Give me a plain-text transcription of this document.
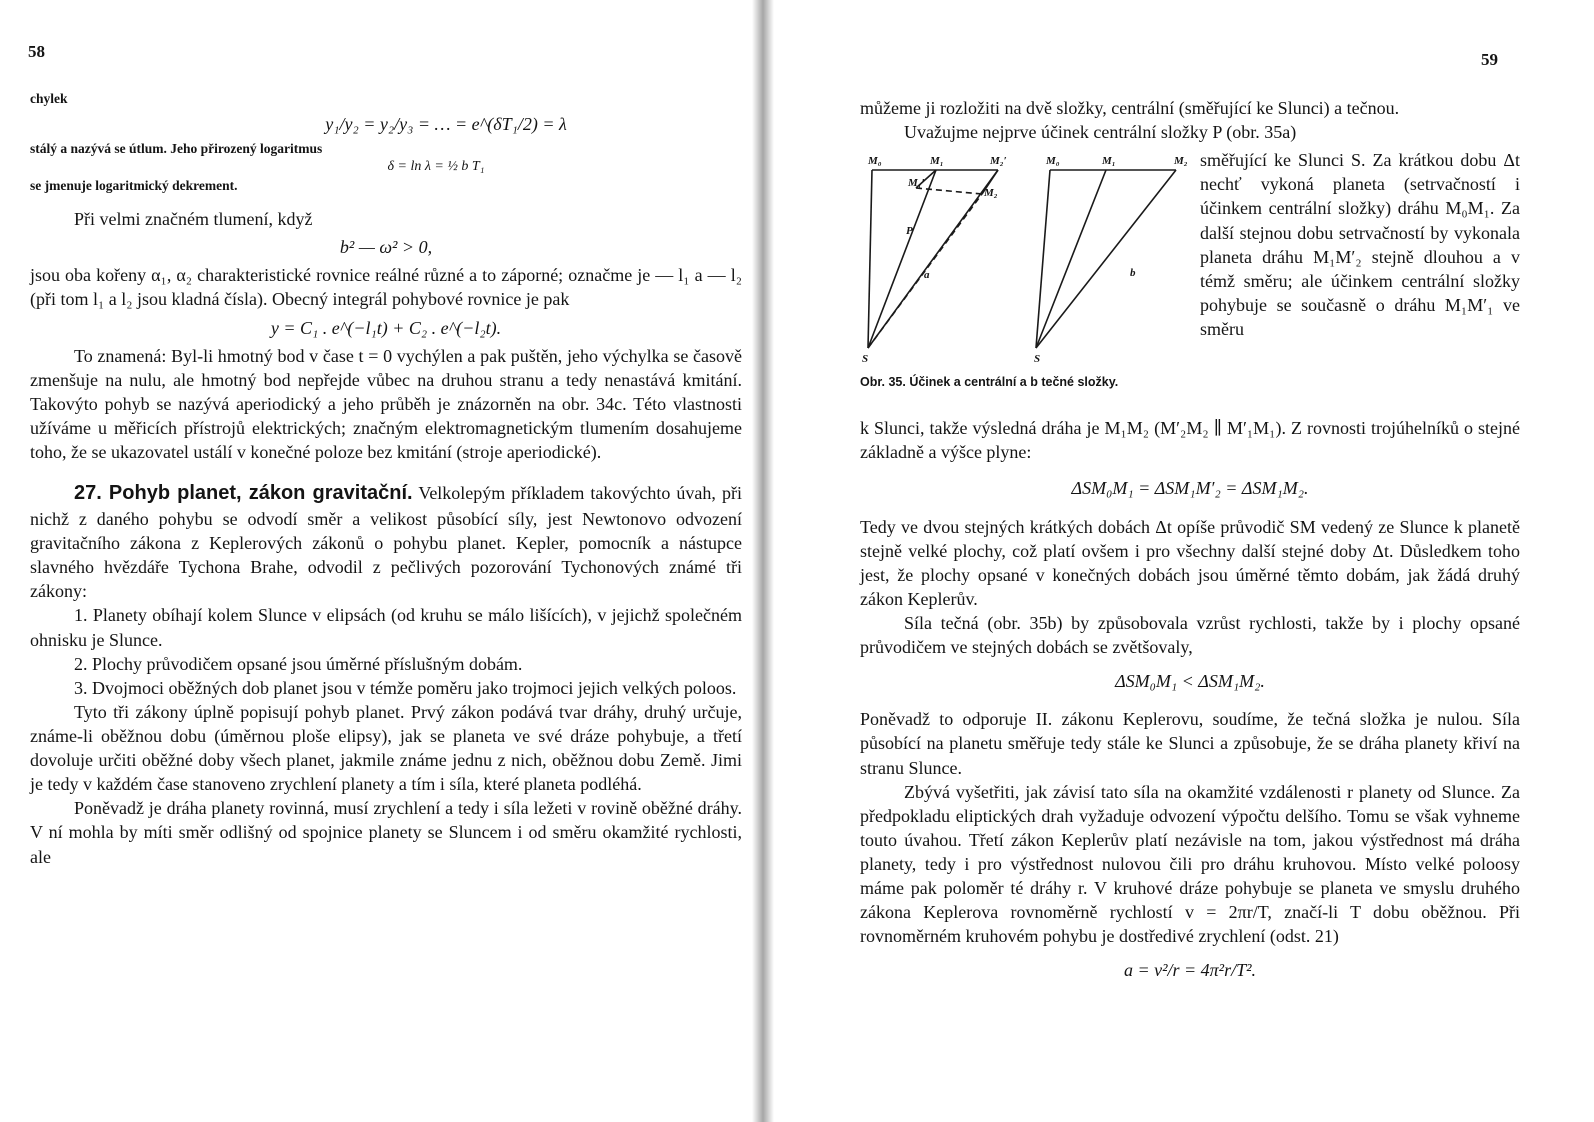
58

chylek

y₁/y₂ = y₂/y₃ = … = e^(δT₁/2) = λ

stálý a nazývá se útlum. Jeho přirozený logaritmus

δ = ln λ = ½ b T₁

se jmenuje logaritmický dekrement.

Při velmi značném tlumení, když

b² — ω² > 0,

jsou oba kořeny α₁, α₂ charakteristické rovnice reálné různé a to záporné; označme je — l₁ a — l₂ (při tom l₁ a l₂ jsou kladná čísla). Obecný integrál pohybové rovnice je pak

y = C₁ . e^(−l₁t) + C₂ . e^(−l₂t).

To znamená: Byl-li hmotný bod v čase t = 0 vychýlen a pak puštěn, jeho výchylka se časově zmenšuje na nulu, ale hmotný bod nepřejde vůbec na druhou stranu a tedy nenastává kmitání. Takovýto pohyb se nazývá aperiodický a jeho průběh je znázorněn na obr. 34c. Této vlastnosti užíváme u měřicích přístrojů elektrických; značným elektromagnetickým tlumením dosahujeme toho, že se ukazovatel ustálí v konečné poloze bez kmitání (stroje aperiodické).

27. Pohyb planet, zákon gravitační. Velkolepým příkladem takovýchto úvah, při nichž z daného pohybu se odvodí směr a velikost působící síly, jest Newtonovo odvození gravitačního zákona z Keplerových zákonů o pohybu planet. Kepler, pomocník a nástupce slavného hvězdáře Tychona Brahe, odvodil z pečlivých pozorování Tychonových známé tři zákony:

1. Planety obíhají kolem Slunce v elipsách (od kruhu se málo lišících), v jejichž společném ohnisku je Slunce.

2. Plochy průvodičem opsané jsou úměrné příslušným dobám.

3. Dvojmoci oběžných dob planet jsou v témže poměru jako trojmoci jejich velkých poloos.

Tyto tři zákony úplně popisují pohyb planet. Prvý zákon podává tvar dráhy, druhý určuje, známe-li oběžnou dobu (úměrnou ploše elipsy), jak se planeta ve své dráze pohybuje, a třetí dovoluje určiti oběžné doby všech planet, jakmile známe jednu z nich, oběžnou dobu Země. Jimi je tedy v každém čase stanoveno zrychlení planety a tím i síla, které planeta podléhá.

Poněvadž je dráha planety rovinná, musí zrychlení a tedy i síla ležeti v rovině oběžné dráhy. V ní mohla by míti směr odlišný od spojnice planety se Sluncem i od směru okamžité rychlosti, ale

59

můžeme ji rozložiti na dvě složky, centrální (směřující ke Slunci) a tečnou.

Uvažujme nejprve účinek centrální složky P (obr. 35a)

M₀	M₁	M₂′
M₁′
M₂
P
a
S
M₀	M₁	M₂
b
S
Obr. 35. Účinek a centrální a b tečné složky.

směřující ke Slunci S. Za krátkou dobu Δt nechť vykoná planeta (setrvačností i účinkem centrální složky) dráhu M₀M₁. Za další stejnou dobu setrvačností by vykonala planeta dráhu M₁M′₂ stejně dlouhou a v témž směru; ale účinkem centrální složky pohybuje se současně o dráhu M₁M′₁ ve směru

k Slunci, takže výsledná dráha je M₁M₂ (M′₂M₂ ∥ M′₁M₁). Z rovnosti trojúhelníků o stejné základně a výšce plyne:

ΔSM₀M₁ = ΔSM₁M′₂ = ΔSM₁M₂.

Tedy ve dvou stejných krátkých dobách Δt opíše průvodič SM vedený ze Slunce k planetě stejně velké plochy, což platí ovšem i pro všechny další stejné doby Δt. Důsledkem toho jest, že plochy opsané v konečných dobách jsou úměrné těmto dobám, jak žádá druhý zákon Keplerův.

Síla tečná (obr. 35b) by způsobovala vzrůst rychlosti, takže by i plochy opsané průvodičem ve stejných dobách se zvětšovaly,

ΔSM₀M₁ < ΔSM₁M₂.

Poněvadž to odporuje II. zákonu Keplerovu, soudíme, že tečná složka je nulou. Síla působící na planetu směřuje tedy stále ke Slunci a způsobuje, že se dráha planety křiví na stranu Slunce.

Zbývá vyšetřiti, jak závisí tato síla na okamžité vzdálenosti r planety od Slunce. Za předpokladu eliptických drah vyžaduje odvození výpočtu delšího. Tomu se však vyhneme touto úvahou. Třetí zákon Keplerův platí nezávisle na tom, jakou výstřednost má dráha planety, tedy i pro výstřednost nulovou čili pro dráhu kruhovou. Místo velké poloosy máme pak poloměr té dráhy r. V kruhové dráze pohybuje se planeta ve smyslu druhého zákona Keplerova rovnoměrně rychlostí v = 2πr/T, značí-li T dobu oběžnou. Při rovnoměrném kruhovém pohybu je dostředivé zrychlení (odst. 21)

a = v²/r = 4π²r/T².
